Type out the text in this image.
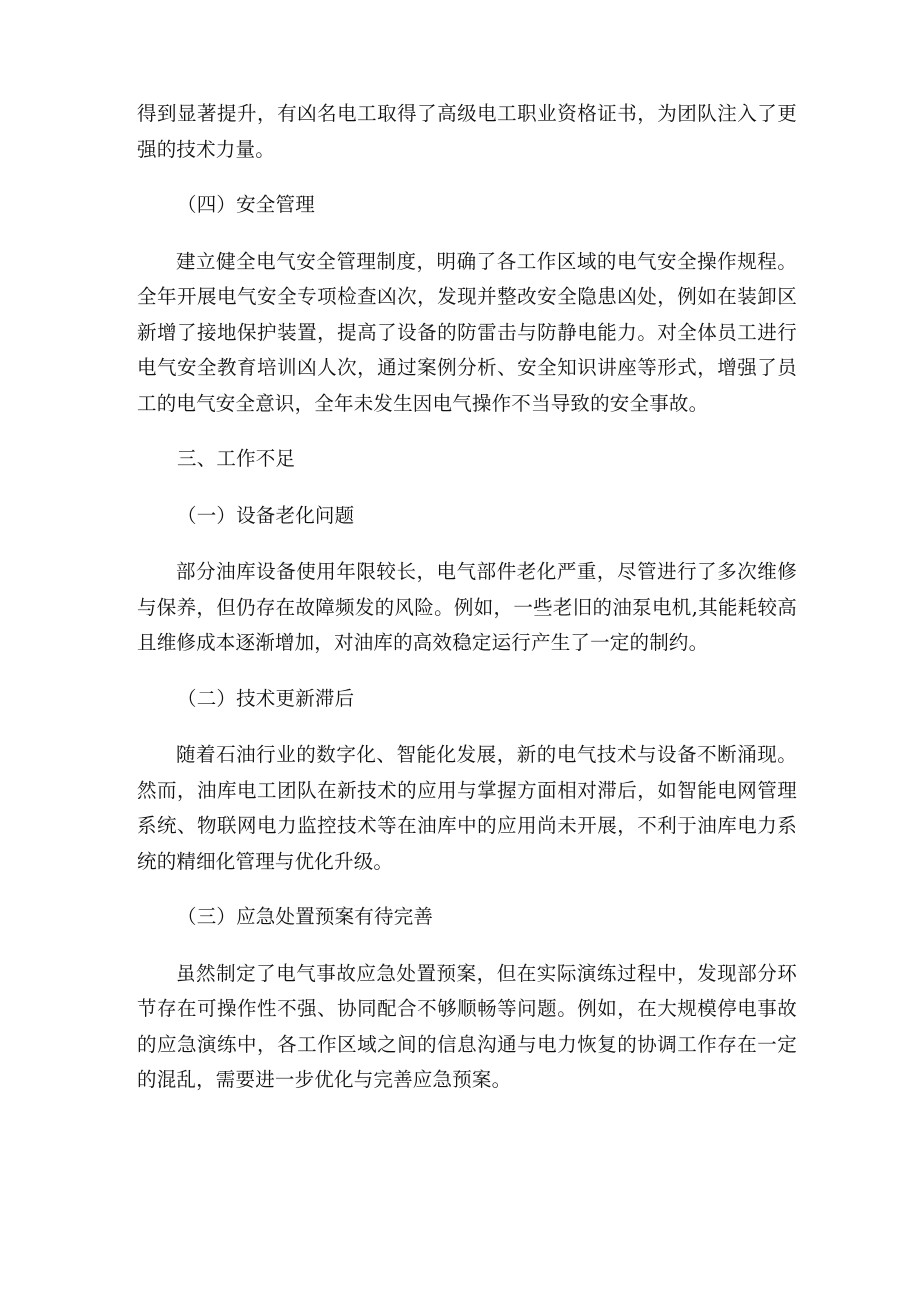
得到显著提升，有凶名电工取得了高级电工职业资格证书，为团队注入了更强的技术力量。

（四）安全管理

建立健全电气安全管理制度，明确了各工作区域的电气安全操作规程。全年开展电气安全专项检查凶次，发现并整改安全隐患凶处，例如在装卸区新增了接地保护装置，提高了设备的防雷击与防静电能力。对全体员工进行电气安全教育培训凶人次，通过案例分析、安全知识讲座等形式，增强了员工的电气安全意识，全年未发生因电气操作不当导致的安全事故。

三、工作不足
（一）设备老化问题

部分油库设备使用年限较长，电气部件老化严重，尽管进行了多次维修与保养，但仍存在故障频发的风险。例如，一些老旧的油泵电机,其能耗较高且维修成本逐渐增加，对油库的高效稳定运行产生了一定的制约。

（二）技术更新滞后

随着石油行业的数字化、智能化发展，新的电气技术与设备不断涌现。然而，油库电工团队在新技术的应用与掌握方面相对滞后，如智能电网管理系统、物联网电力监控技术等在油库中的应用尚未开展，不利于油库电力系统的精细化管理与优化升级。

（三）应急处置预案有待完善

虽然制定了电气事故应急处置预案，但在实际演练过程中，发现部分环节存在可操作性不强、协同配合不够顺畅等问题。例如，在大规模停电事故的应急演练中，各工作区域之间的信息沟通与电力恢复的协调工作存在一定的混乱，需要进一步优化与完善应急预案。
